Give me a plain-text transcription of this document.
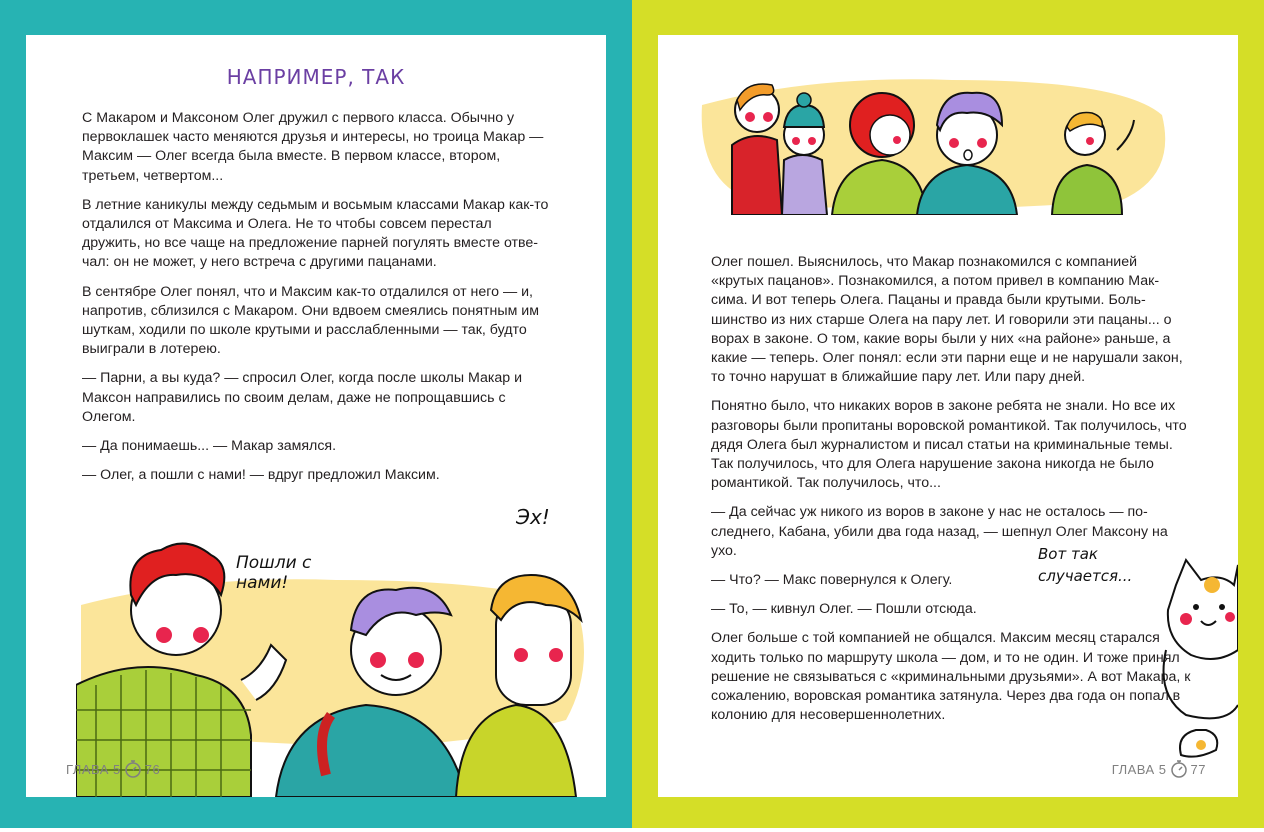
НАПРИМЕР, ТАК

С Макаром и Максоном Олег дружил с первого класса. Обычно у первоклашек часто меняются друзья и интересы, но троица Макар — Максим — Олег всегда была вместе. В первом классе, втором, третьем, четвертом...

В летние каникулы между седьмым и восьмым классами Макар как-то отдалился от Максима и Олега. Не то чтобы совсем перестал дружить, но все чаще на предложение парней погулять вместе отвечал: он не может, у него встреча с другими пацанами.

В сентябре Олег понял, что и Максим как-то отдалился от него — и, напротив, сблизился с Макаром. Они вдвоем смеялись понятным им шуткам, ходили по школе крутыми и расслабленными — так, будто выиграли в лотерею.

— Парни, а вы куда? — спросил Олег, когда после школы Макар и Максон направились по своим делам, даже не попрощавшись с Олегом.

— Да понимаешь... — Макар замялся.

— Олег, а пошли с нами! — вдруг предложил Максим.

Пошли с нами!
Эх!
ГЛАВА 5 76

Олег пошел. Выяснилось, что Макар познакомился с компанией «крутых пацанов». Познакомился, а потом привел в компанию Максима. И вот теперь Олега. Пацаны и правда были крутыми. Большинство из них старше Олега на пару лет. И говорили эти пацаны... о ворах в законе. О том, какие воры были у них «на районе» раньше, а какие — теперь. Олег понял: если эти парни еще и не нарушали закон, то точно нарушат в ближайшие пару лет. Или пару дней.

Понятно было, что никаких воров в законе ребята не знали. Но все их разговоры были пропитаны воровской романтикой. Так получилось, что дядя Олега был журналистом и писал статьи на криминальные темы. Так получилось, что для Олега нарушение закона никогда не было романтикой. Так получилось, что...

— Да сейчас уж никого из воров в законе у нас не осталось — последнего, Кабана, убили два года назад, — шепнул Олег Максону на ухо.

— Что? — Макс повернулся к Олегу.

— То, — кивнул Олег. — Пошли отсюда.

Олег больше с той компанией не общался. Максим месяц старался ходить только по маршруту школа — дом, и то не один. И тоже принял решение не связываться с «криминальными друзьями». А вот Макара, к сожалению, воровская романтика затянула. Через два года он попал в колонию для несовершеннолетних.

Вот так случается...
ГЛАВА 5 77
